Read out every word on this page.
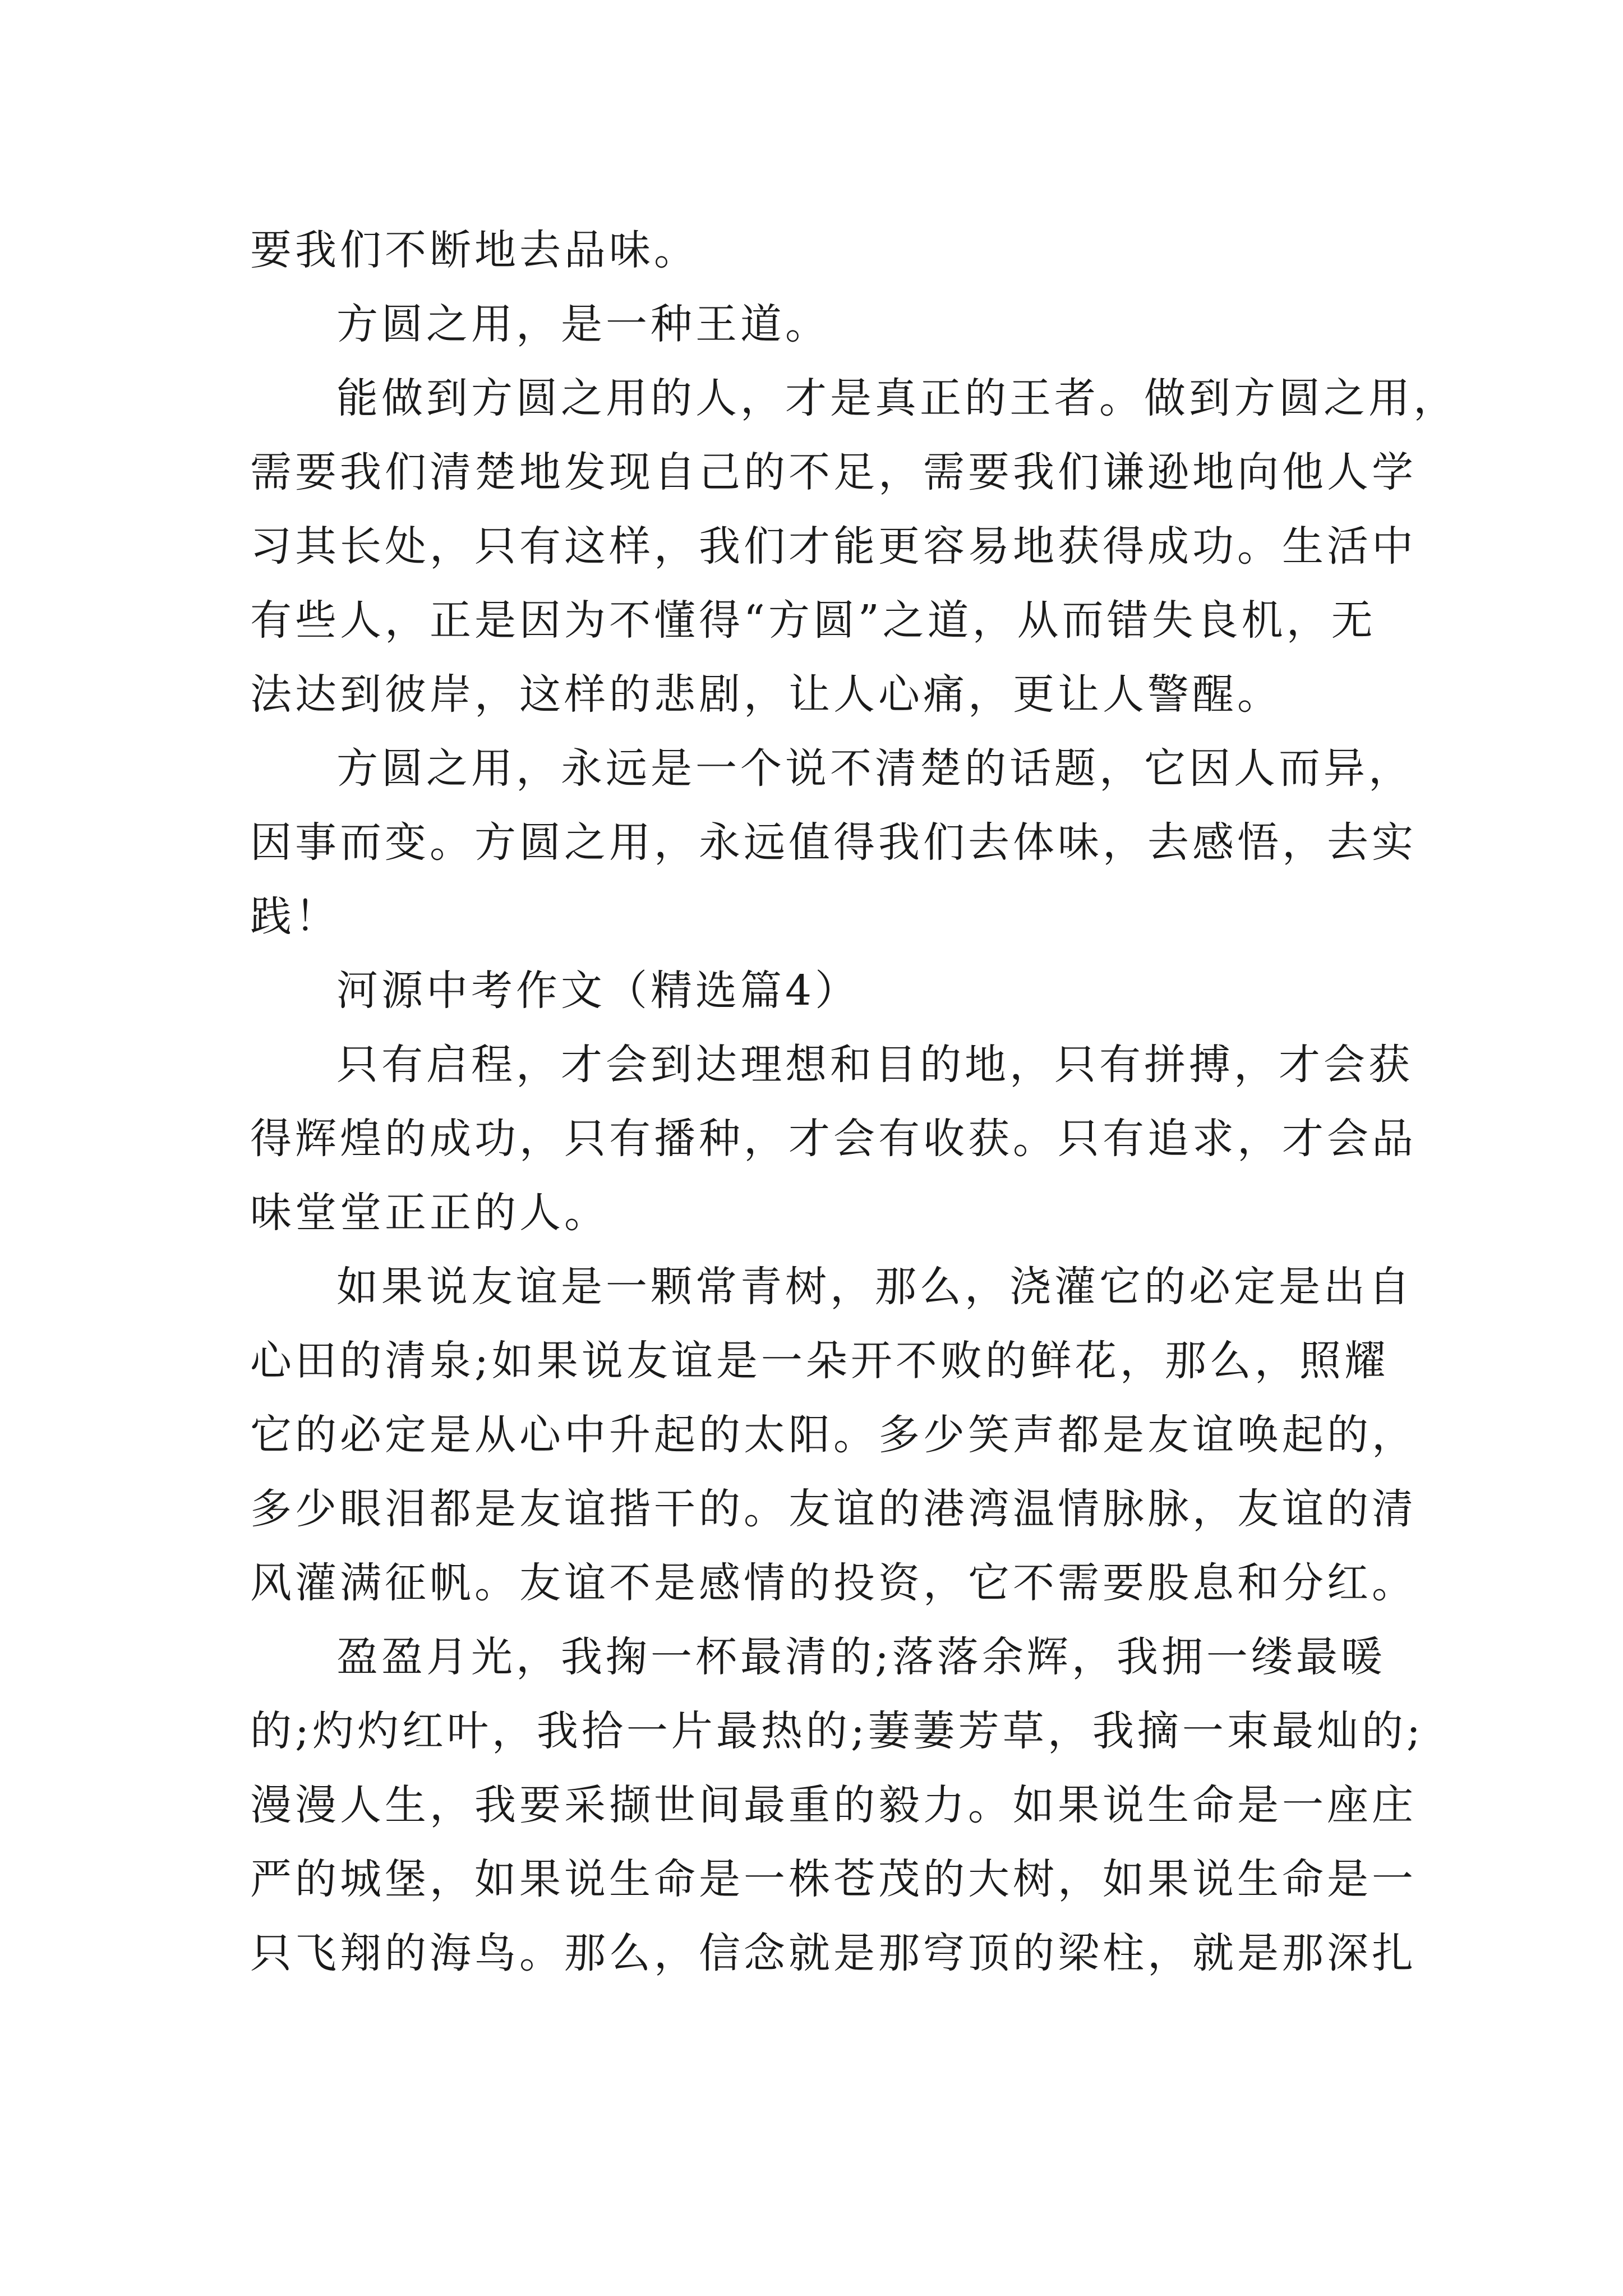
要我们不断地去品味。
方圆之用，是一种王道。
能做到方圆之用的人，才是真正的王者。做到方圆之用，
需要我们清楚地发现自己的不足，需要我们谦逊地向他人学
习其长处，只有这样，我们才能更容易地获得成功。生活中
有些人，正是因为不懂得“方圆”之道，从而错失良机，无
法达到彼岸，这样的悲剧，让人心痛，更让人警醒。
方圆之用，永远是一个说不清楚的话题，它因人而异，
因事而变。方圆之用，永远值得我们去体味，去感悟，去实
践！
河源中考作文（精选篇4）
只有启程，才会到达理想和目的地，只有拼搏，才会获
得辉煌的成功，只有播种，才会有收获。只有追求，才会品
味堂堂正正的人。
如果说友谊是一颗常青树，那么，浇灌它的必定是出自
心田的清泉;如果说友谊是一朵开不败的鲜花，那么，照耀
它的必定是从心中升起的太阳。多少笑声都是友谊唤起的，
多少眼泪都是友谊揩干的。友谊的港湾温情脉脉，友谊的清
风灌满征帆。友谊不是感情的投资，它不需要股息和分红。
盈盈月光，我掬一杯最清的;落落余辉，我拥一缕最暖
的;灼灼红叶，我拾一片最热的;萋萋芳草，我摘一束最灿的;
漫漫人生，我要采撷世间最重的毅力。如果说生命是一座庄
严的城堡，如果说生命是一株苍茂的大树，如果说生命是一
只飞翔的海鸟。那么，信念就是那穹顶的梁柱，就是那深扎
